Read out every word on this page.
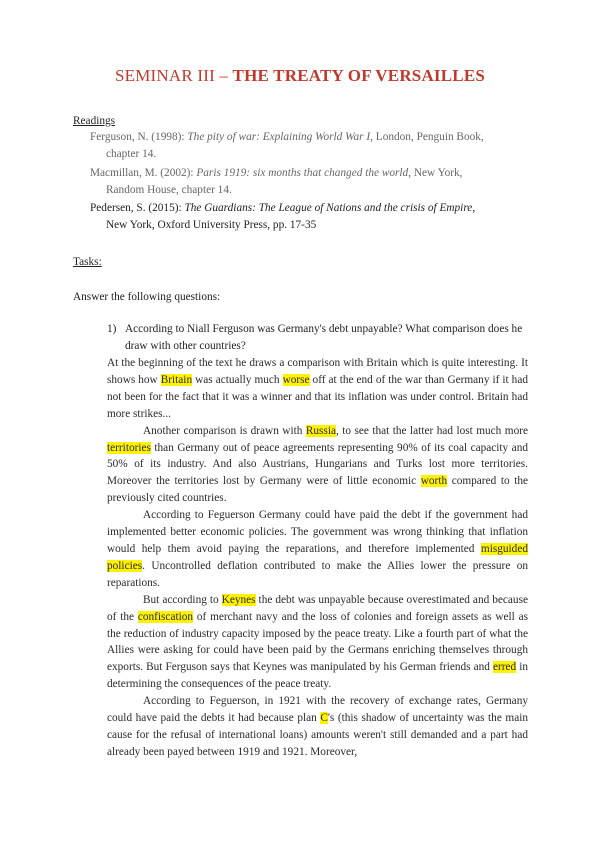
SEMINAR III – THE TREATY OF VERSAILLES
Readings
Ferguson, N. (1998): The pity of war: Explaining World War I, London, Penguin Book,
chapter 14.
Macmillan, M. (2002): Paris 1919: six months that changed the world, New York,
Random House, chapter 14.
Pedersen, S. (2015): The Guardians: The League of Nations and the crisis of Empire,
New York, Oxford University Press, pp. 17-35
Tasks:
Answer the following questions:
1) According to Niall Ferguson was Germany's debt unpayable? What comparison does he draw with other countries?

At the beginning of the text he draws a comparison with Britain which is quite interesting. It shows how Britain was actually much worse off at the end of the war than Germany if it had not been for the fact that it was a winner and that its inflation was under control. Britain had more strikes...

Another comparison is drawn with Russia, to see that the latter had lost much more territories than Germany out of peace agreements representing 90% of its coal capacity and 50% of its industry. And also Austrians, Hungarians and Turks lost more territories. Moreover the territories lost by Germany were of little economic worth compared to the previously cited countries.

According to Feguerson Germany could have paid the debt if the government had implemented better economic policies. The government was wrong thinking that inflation would help them avoid paying the reparations, and therefore implemented misguided policies. Uncontrolled deflation contributed to make the Allies lower the pressure on reparations.

But according to Keynes the debt was unpayable because overestimated and because of the confiscation of merchant navy and the loss of colonies and foreign assets as well as the reduction of industry capacity imposed by the peace treaty. Like a fourth part of what the Allies were asking for could have been paid by the Germans enriching themselves through exports. But Ferguson says that Keynes was manipulated by his German friends and erred in determining the consequences of the peace treaty.

According to Feguerson, in 1921 with the recovery of exchange rates, Germany could have paid the debts it had because plan C's (this shadow of uncertainty was the main cause for the refusal of international loans) amounts weren't still demanded and a part had already been payed between 1919 and 1921. Moreover,
